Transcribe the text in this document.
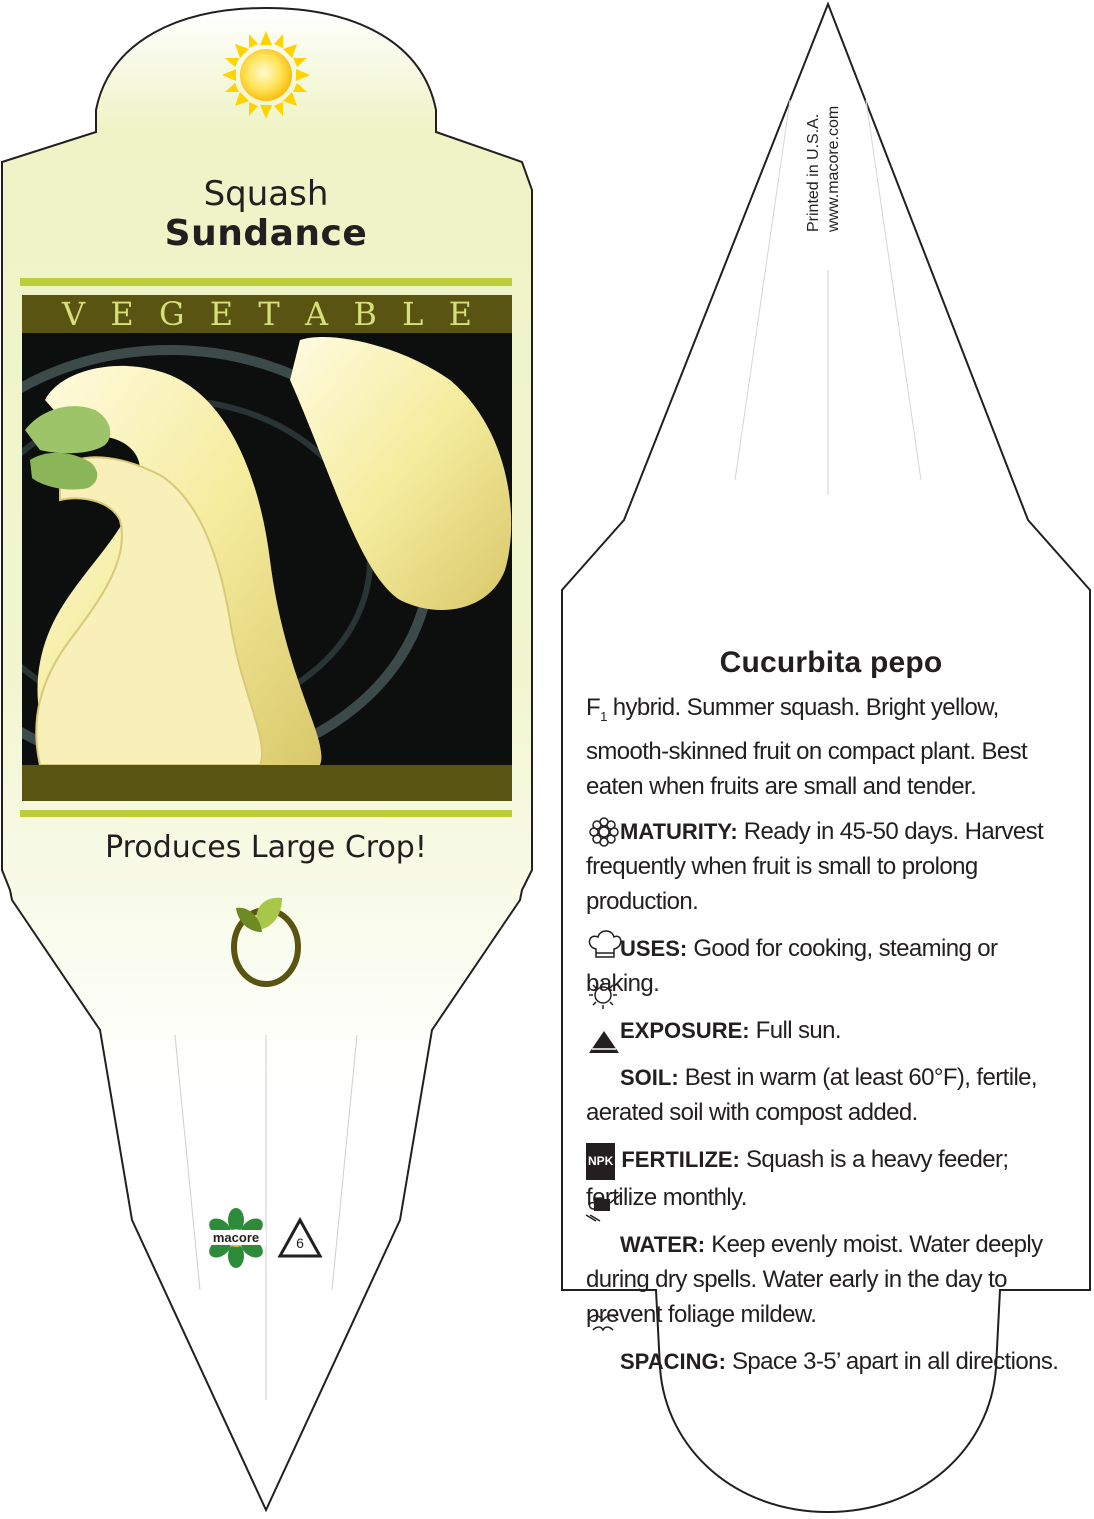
Squash
Sundance
V E G E T A B L E
Produces Large Crop!
macore	6
Printed in U.S.A. www.macore.com
Cucurbita pepo
$F_1$ hybrid. Summer squash. Bright yellow, smooth-skinned fruit on compact plant. Best eaten when fruits are small and tender.
MATURITY: Ready in 45-50 days. Harvest frequently when fruit is small to prolong production.
USES: Good for cooking, steaming or baking.
EXPOSURE: Full sun.
SOIL: Best in warm (at least 60°F), fertile, aerated soil with compost added.
NPK FERTILIZE: Squash is a heavy feeder; fertilize monthly.
WATER: Keep evenly moist. Water deeply during dry spells. Water early in the day to prevent foliage mildew.
SPACING: Space 3-5’ apart in all directions.
